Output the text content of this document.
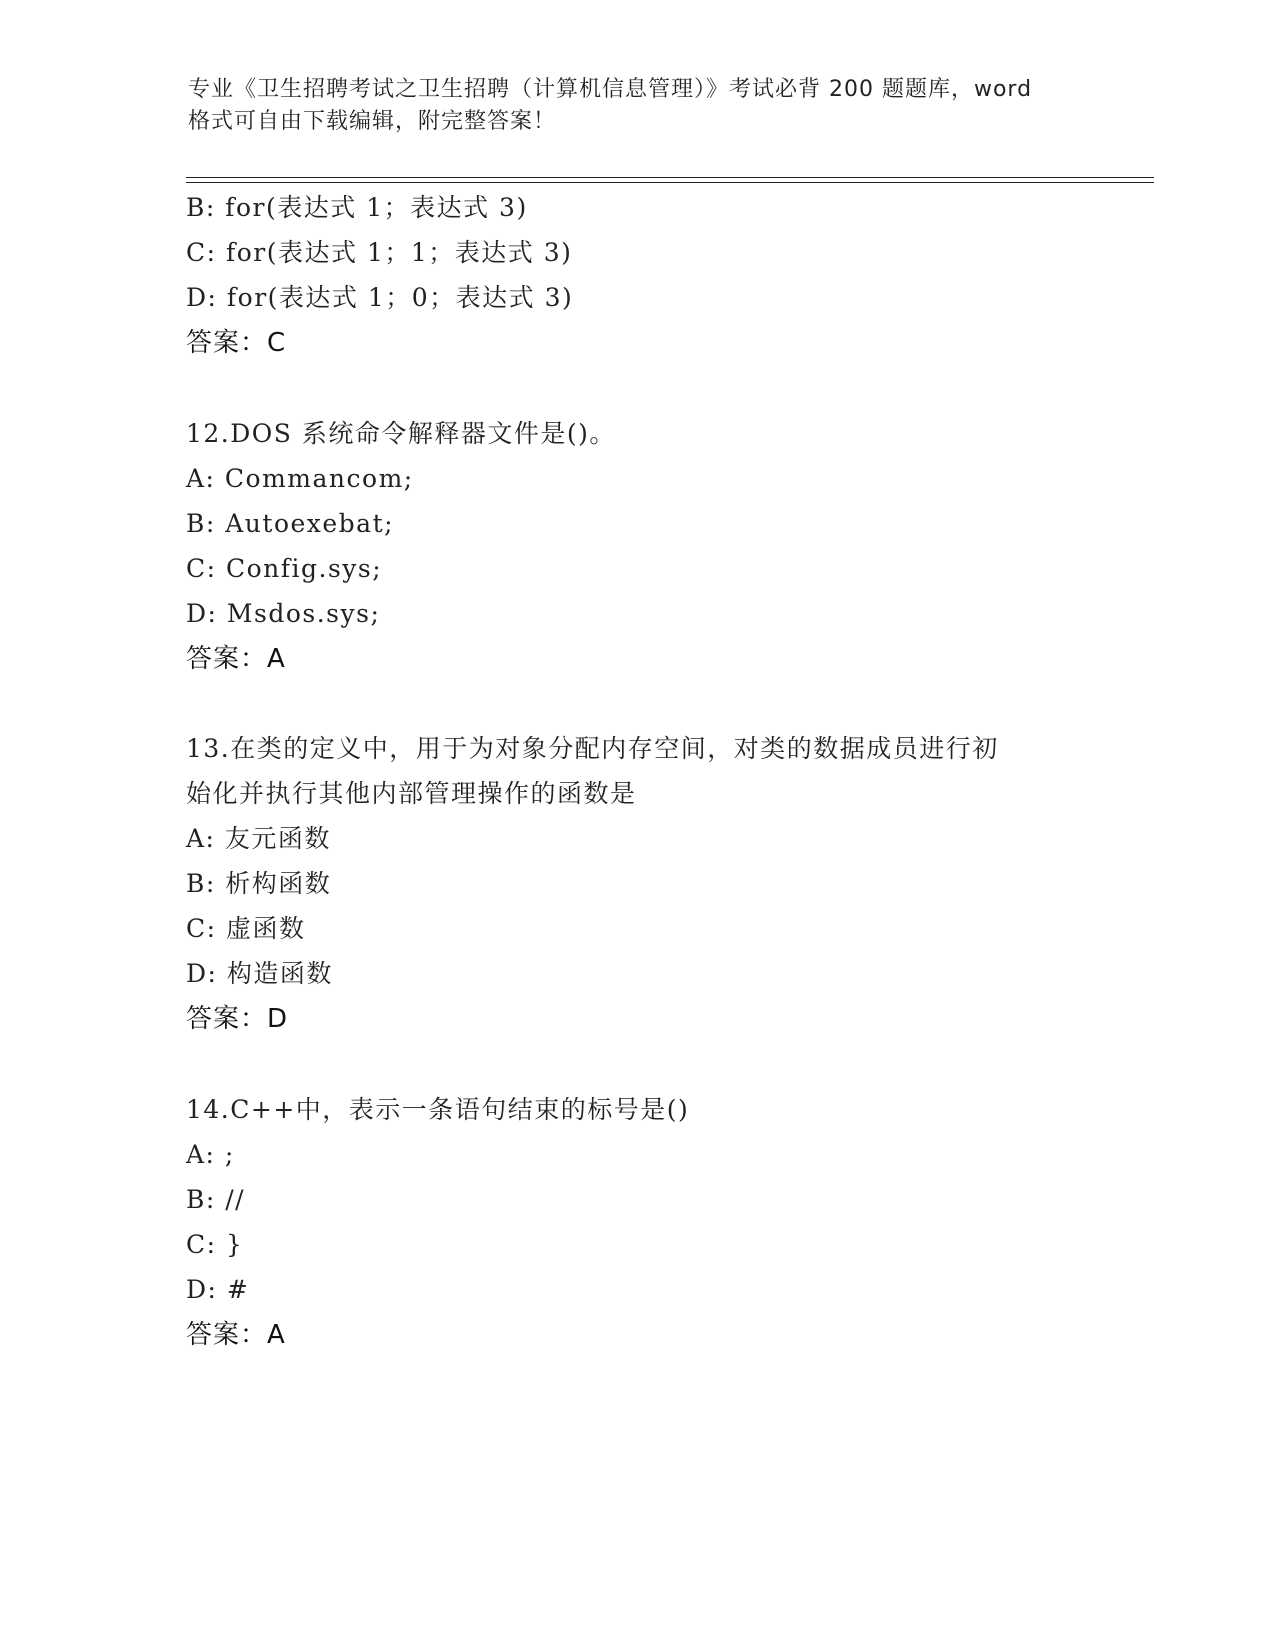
专业《卫生招聘考试之卫生招聘（计算机信息管理）》考试必背 200 题题库，word
格式可自由下载编辑，附完整答案！
B: for(表达式 1；表达式 3)
C: for(表达式 1；1；表达式 3)
D: for(表达式 1；0；表达式 3)
答案：C
12.DOS 系统命令解释器文件是()。
A: Commancom;
B: Autoexebat;
C: Config.sys;
D: Msdos.sys;
答案：A
13.在类的定义中，用于为对象分配内存空间，对类的数据成员进行初
始化并执行其他内部管理操作的函数是
A: 友元函数
B: 析构函数
C: 虚函数
D: 构造函数
答案：D
14.C++中，表示一条语句结束的标号是()
A: ;
B: //
C: }
D: #
答案：A
